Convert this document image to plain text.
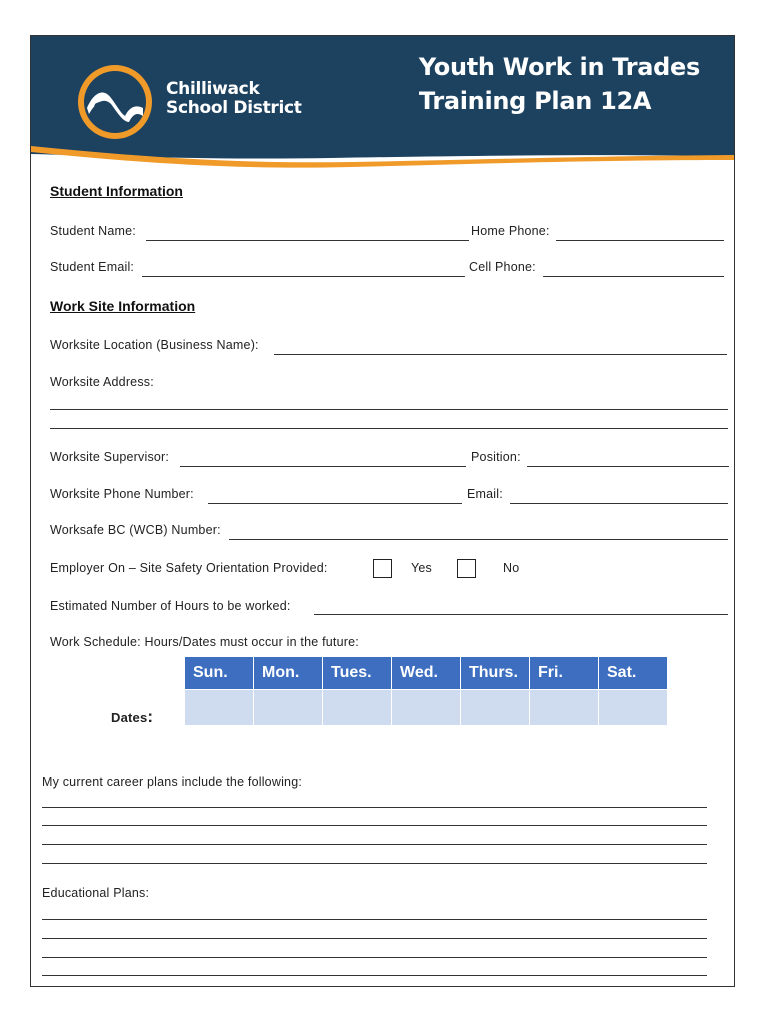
Chilliwack
School District
Youth Work in Trades
Training Plan 12A
Student Information
Student Name:	Home Phone:
Student Email:	Cell Phone:
Work Site Information
Worksite Location (Business Name):
Worksite Address:
Worksite Supervisor:	Position:
Worksite Phone Number:	Email:
Worksafe BC (WCB) Number:
Employer On – Site Safety Orientation Provided:	Yes	No
Estimated Number of Hours to be worked:
Work Schedule: Hours/Dates must occur in the future:
Sun.	Mon.	Tues.	Wed.	Thurs.	Fri.	Sat.

Dates:
My current career plans include the following:
Educational Plans:
